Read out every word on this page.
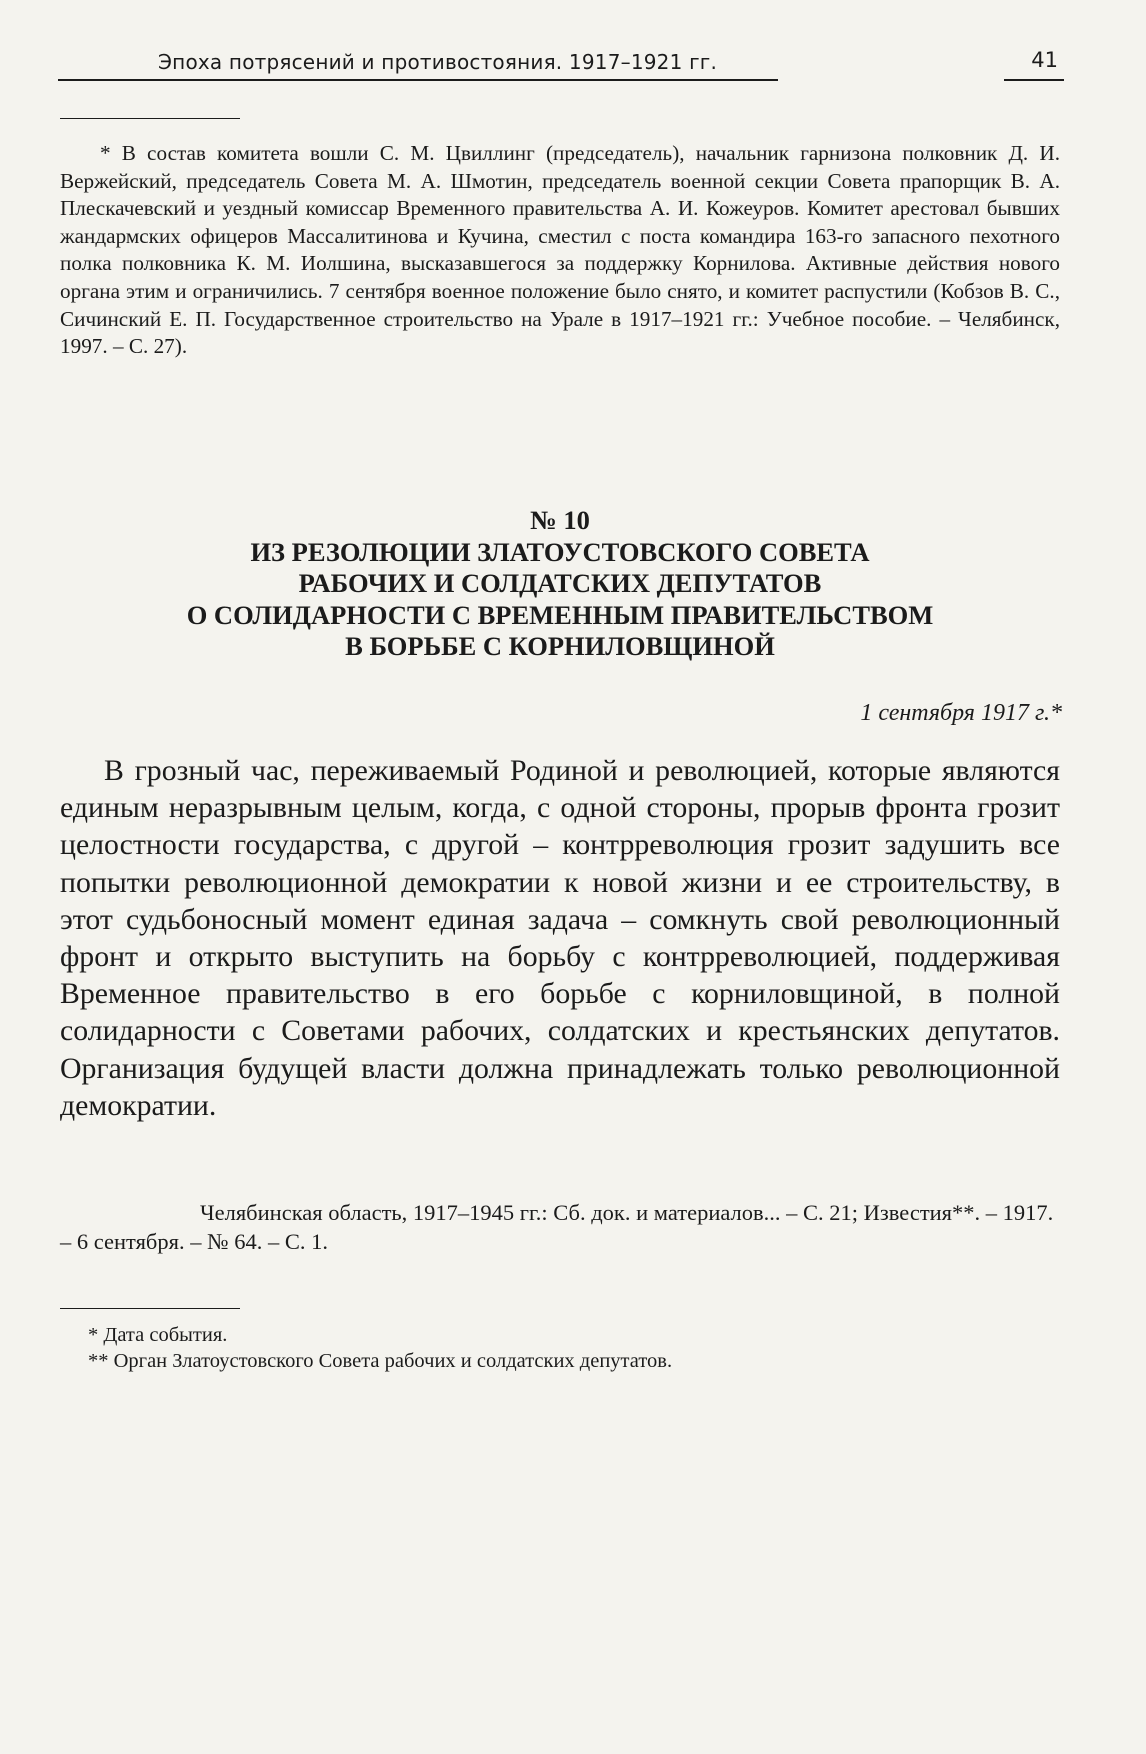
Эпоха потрясений и противостояния. 1917–1921 гг.	41

* В состав комитета вошли С. М. Цвиллинг (председатель), начальник гарнизона полковник Д. И. Вержейский, председатель Совета М. А. Шмотин, председатель военной секции Совета прапорщик В. А. Плескачевский и уездный комиссар Временного правительства А. И. Кожеуров. Комитет арестовал бывших жандармских офицеров Массалитинова и Кучина, сместил с поста командира 163-го запасного пехотного полка полковника К. М. Иолшина, высказавшегося за поддержку Корнилова. Активные действия нового органа этим и ограничились. 7 сентября военное положение было снято, и комитет распустили (Кобзов В. С., Сичинский Е. П. Государственное строительство на Урале в 1917–1921 гг.: Учебное пособие. – Челябинск, 1997. – С. 27).

№ 10
ИЗ РЕЗОЛЮЦИИ ЗЛАТОУСТОВСКОГО СОВЕТА
РАБОЧИХ И СОЛДАТСКИХ ДЕПУТАТОВ
О СОЛИДАРНОСТИ С ВРЕМЕННЫМ ПРАВИТЕЛЬСТВОМ
В БОРЬБЕ С КОРНИЛОВЩИНОЙ
1 сентября 1917 г.*

В грозный час, переживаемый Родиной и революцией, которые являются единым неразрывным целым, когда, с одной стороны, прорыв фронта грозит целостности государства, с другой – контрреволюция грозит задушить все попытки революционной демократии к новой жизни и ее строительству, в этот судьбоносный момент единая задача – сомкнуть свой революционный фронт и открыто выступить на борьбу с контрреволюцией, поддерживая Временное правительство в его борьбе с корниловщиной, в полной солидарности с Советами рабочих, солдатских и крестьянских депутатов. Организация будущей власти должна принадлежать только революционной демократии.

Челябинская область, 1917–1945 гг.: Сб. док. и материалов... – С. 21; Известия**. – 1917. – 6 сентября. – № 64. – С. 1.

* Дата события.
** Орган Златоустовского Совета рабочих и солдатских депутатов.
